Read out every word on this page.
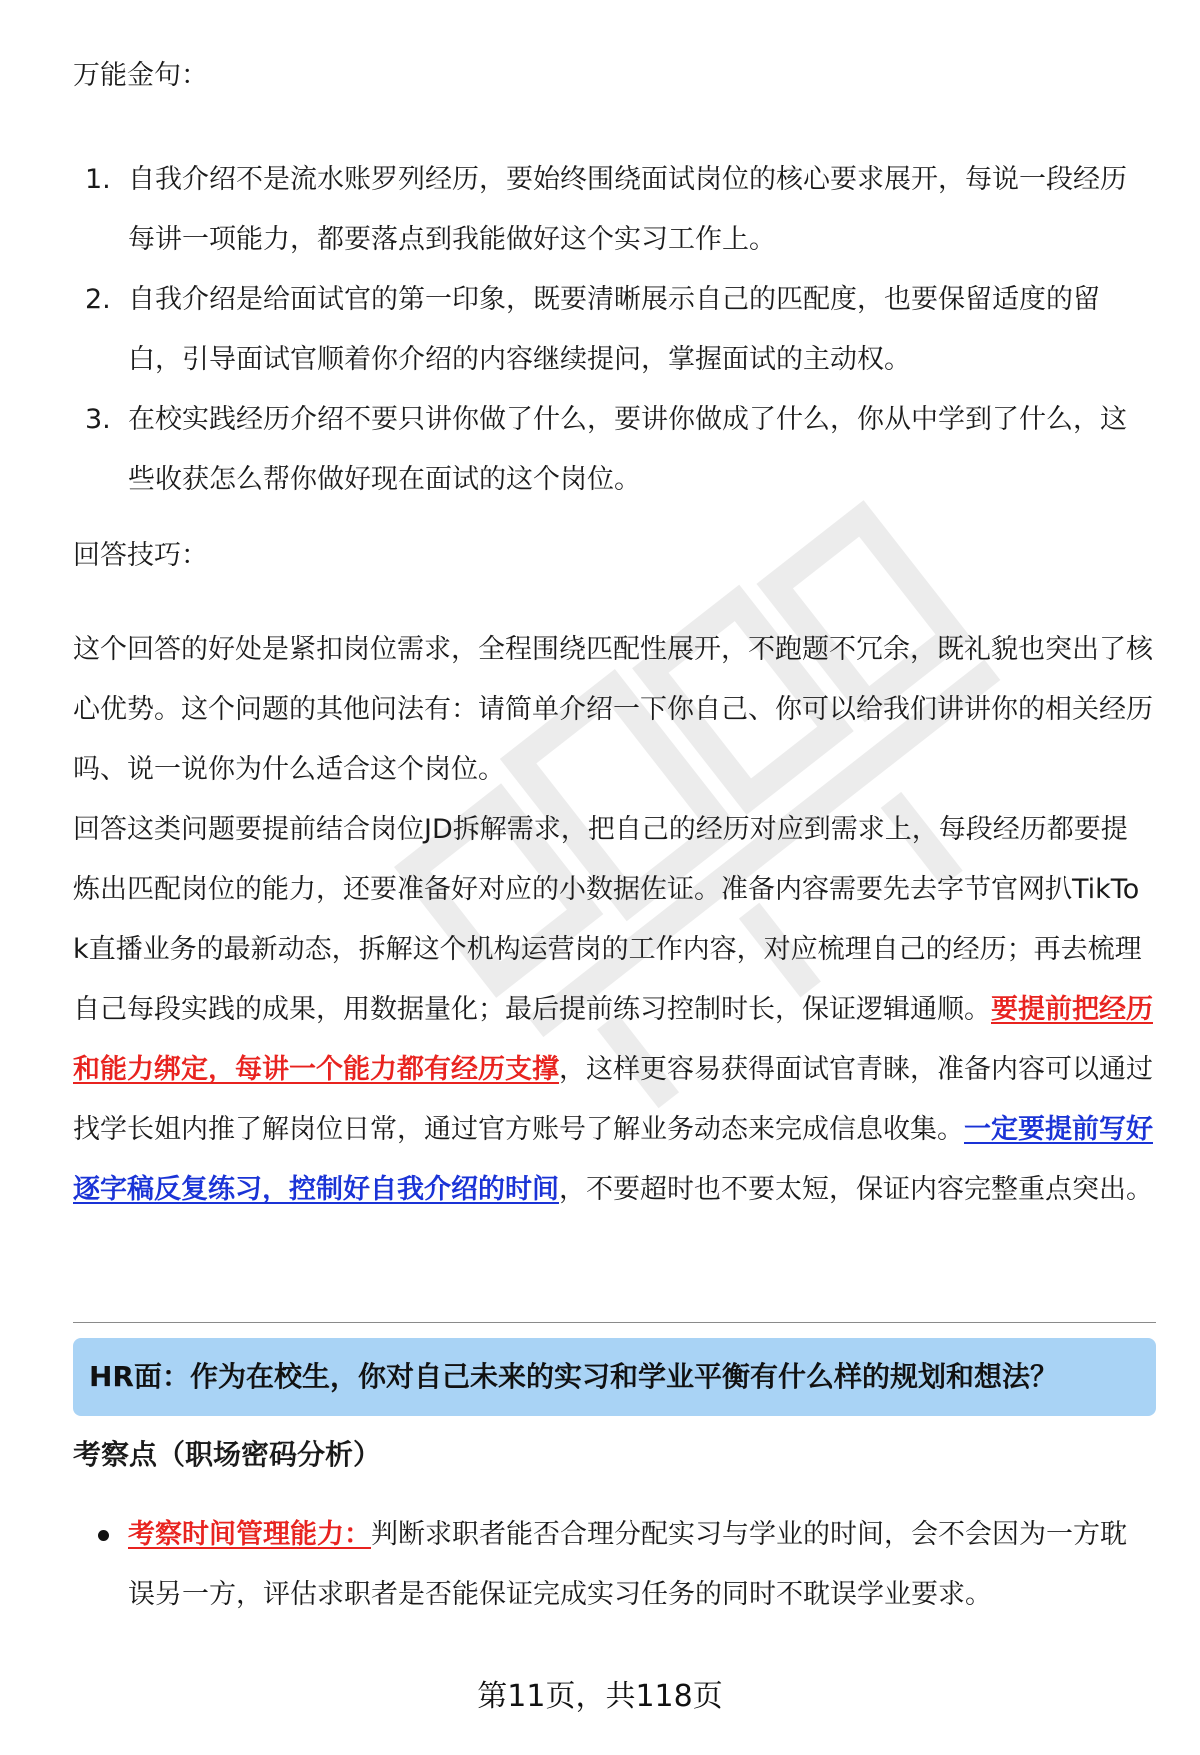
万能金句：

1. 自我介绍不是流水账罗列经历，要始终围绕面试岗位的核心要求展开，每说一段经历每讲一项能力，都要落点到我能做好这个实习工作上。
2. 自我介绍是给面试官的第一印象，既要清晰展示自己的匹配度，也要保留适度的留白，引导面试官顺着你介绍的内容继续提问，掌握面试的主动权。
3. 在校实践经历介绍不要只讲你做了什么，要讲你做成了什么，你从中学到了什么，这些收获怎么帮你做好现在面试的这个岗位。

回答技巧：

这个回答的好处是紧扣岗位需求，全程围绕匹配性展开，不跑题不冗余，既礼貌也突出了核心优势。这个问题的其他问法有：请简单介绍一下你自己、你可以给我们讲讲你的相关经历吗、说一说你为什么适合这个岗位。

回答这类问题要提前结合岗位JD拆解需求，把自己的经历对应到需求上，每段经历都要提炼出匹配岗位的能力，还要准备好对应的小数据佐证。准备内容需要先去字节官网扒TikTok直播业务的最新动态，拆解这个机构运营岗的工作内容，对应梳理自己的经历；再去梳理自己每段实践的成果，用数据量化；最后提前练习控制时长，保证逻辑通顺。要提前把经历和能力绑定，每讲一个能力都有经历支撑，这样更容易获得面试官青睐，准备内容可以通过找学长姐内推了解岗位日常，通过官方账号了解业务动态来完成信息收集。一定要提前写好逐字稿反复练习，控制好自我介绍的时间，不要超时也不要太短，保证内容完整重点突出。

HR面：作为在校生，你对自己未来的实习和学业平衡有什么样的规划和想法？

考察点（职场密码分析）

考察时间管理能力：判断求职者能否合理分配实习与学业的时间，会不会因为一方耽误另一方，评估求职者是否能保证完成实习任务的同时不耽误学业要求。
第11页，共118页
